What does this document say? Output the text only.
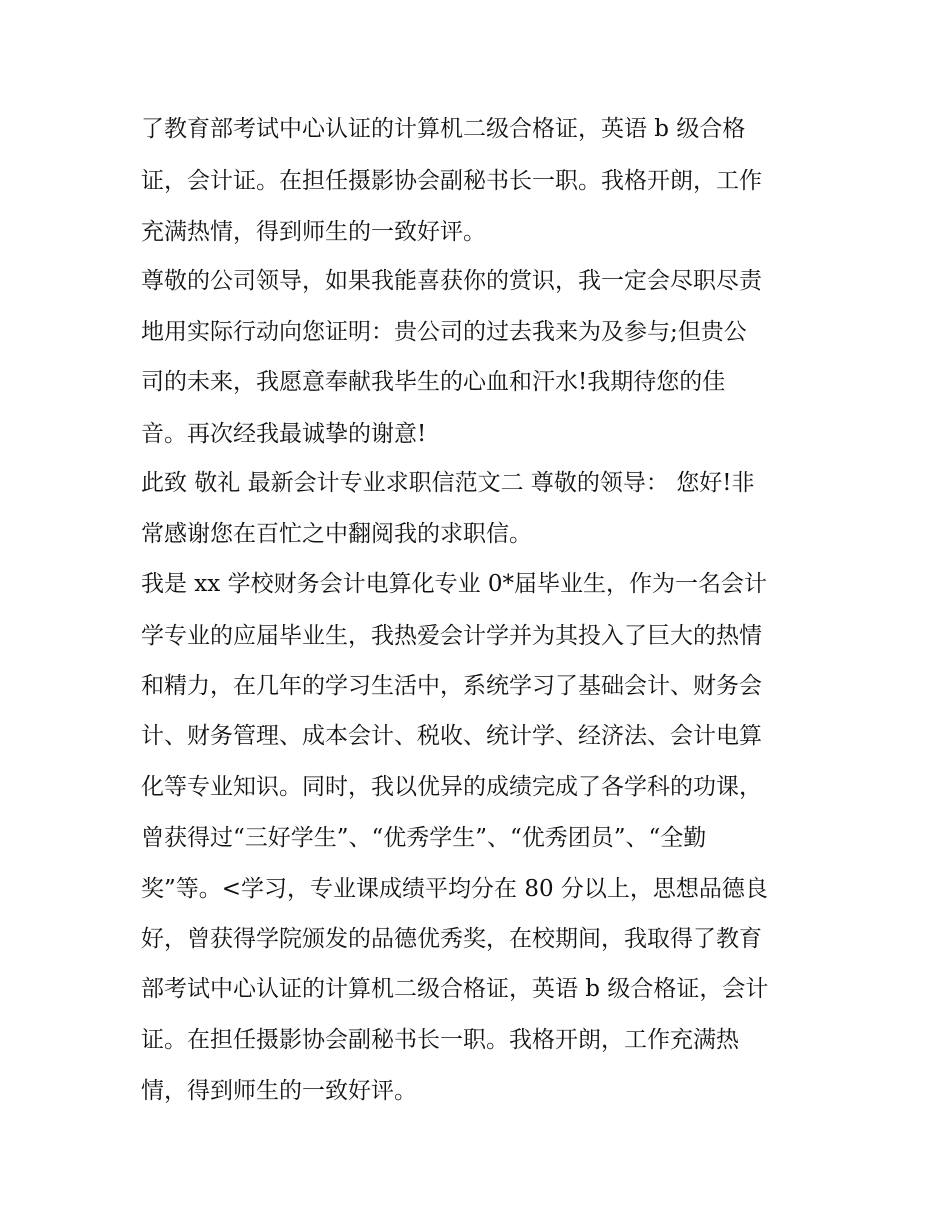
了教育部考试中心认证的计算机二级合格证，英语 b 级合格
证，会计证。在担任摄影协会副秘书长一职。我格开朗，工作
充满热情，得到师生的一致好评。
尊敬的公司领导，如果我能喜获你的赏识，我一定会尽职尽责
地用实际行动向您证明：贵公司的过去我来为及参与;但贵公
司的未来，我愿意奉献我毕生的心血和汗水!我期待您的佳
音。再次经我最诚挚的谢意!
此致 敬礼 最新会计专业求职信范文二 尊敬的领导： 您好!非
常感谢您在百忙之中翻阅我的求职信。
我是 xx 学校财务会计电算化专业 0*届毕业生，作为一名会计
学专业的应届毕业生，我热爱会计学并为其投入了巨大的热情
和精力，在几年的学习生活中，系统学习了基础会计、财务会
计、财务管理、成本会计、税收、统计学、经济法、会计电算
化等专业知识。同时，我以优异的成绩完成了各学科的功课，
曾获得过“三好学生”、“优秀学生”、“优秀团员”、“全勤
奖”等。<学习，专业课成绩平均分在 80 分以上，思想品德良
好，曾获得学院颁发的品德优秀奖，在校期间，我取得了教育
部考试中心认证的计算机二级合格证，英语 b 级合格证，会计
证。在担任摄影协会副秘书长一职。我格开朗，工作充满热
情，得到师生的一致好评。
